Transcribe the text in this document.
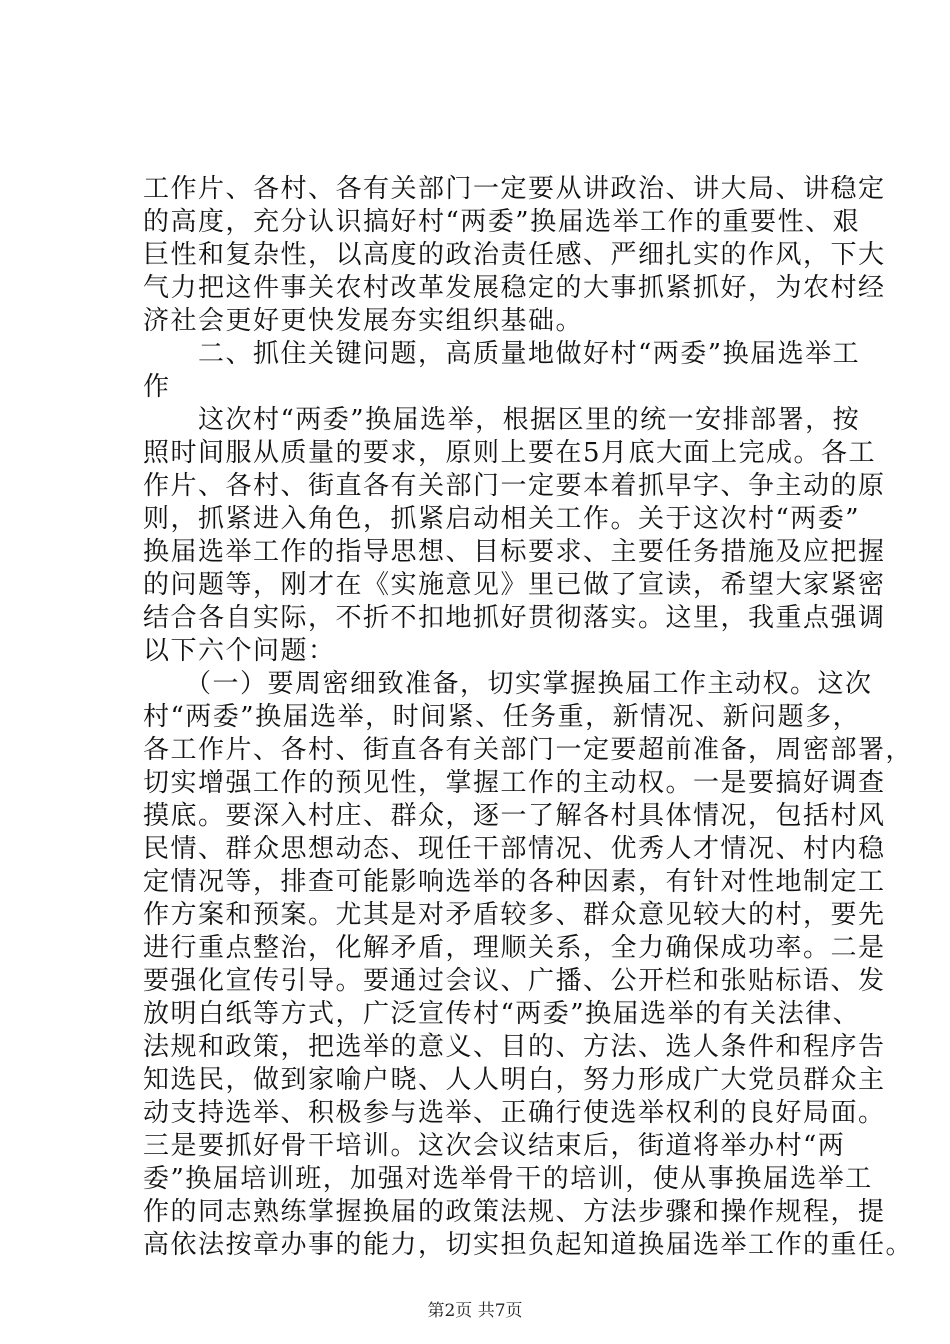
工作片、各村、各有关部门一定要从讲政治、讲大局、讲稳定
的高度，充分认识搞好村“两委”换届选举工作的重要性、艰
巨性和复杂性，以高度的政治责任感、严细扎实的作风，下大
气力把这件事关农村改革发展稳定的大事抓紧抓好，为农村经
济社会更好更快发展夯实组织基础。
　　二、抓住关键问题，高质量地做好村“两委”换届选举工
作
　　这次村“两委”换届选举，根据区里的统一安排部署，按
照时间服从质量的要求，原则上要在5月底大面上完成。各工
作片、各村、街直各有关部门一定要本着抓早字、争主动的原
则，抓紧进入角色，抓紧启动相关工作。关于这次村“两委”
换届选举工作的指导思想、目标要求、主要任务措施及应把握
的问题等，刚才在《实施意见》里已做了宣读，希望大家紧密
结合各自实际，不折不扣地抓好贯彻落实。这里，我重点强调
以下六个问题：
　　（一）要周密细致准备，切实掌握换届工作主动权。这次
村“两委”换届选举，时间紧、任务重，新情况、新问题多，
各工作片、各村、街直各有关部门一定要超前准备，周密部署，
切实增强工作的预见性，掌握工作的主动权。一是要搞好调查
摸底。要深入村庄、群众，逐一了解各村具体情况，包括村风
民情、群众思想动态、现任干部情况、优秀人才情况、村内稳
定情况等，排查可能影响选举的各种因素，有针对性地制定工
作方案和预案。尤其是对矛盾较多、群众意见较大的村，要先
进行重点整治，化解矛盾，理顺关系，全力确保成功率。二是
要强化宣传引导。要通过会议、广播、公开栏和张贴标语、发
放明白纸等方式，广泛宣传村“两委”换届选举的有关法律、
法规和政策，把选举的意义、目的、方法、选人条件和程序告
知选民，做到家喻户晓、人人明白，努力形成广大党员群众主
动支持选举、积极参与选举、正确行使选举权利的良好局面。
三是要抓好骨干培训。这次会议结束后，街道将举办村“两
委”换届培训班，加强对选举骨干的培训，使从事换届选举工
作的同志熟练掌握换届的政策法规、方法步骤和操作规程，提
高依法按章办事的能力，切实担负起知道换届选举工作的重任。
第2页 共7页
